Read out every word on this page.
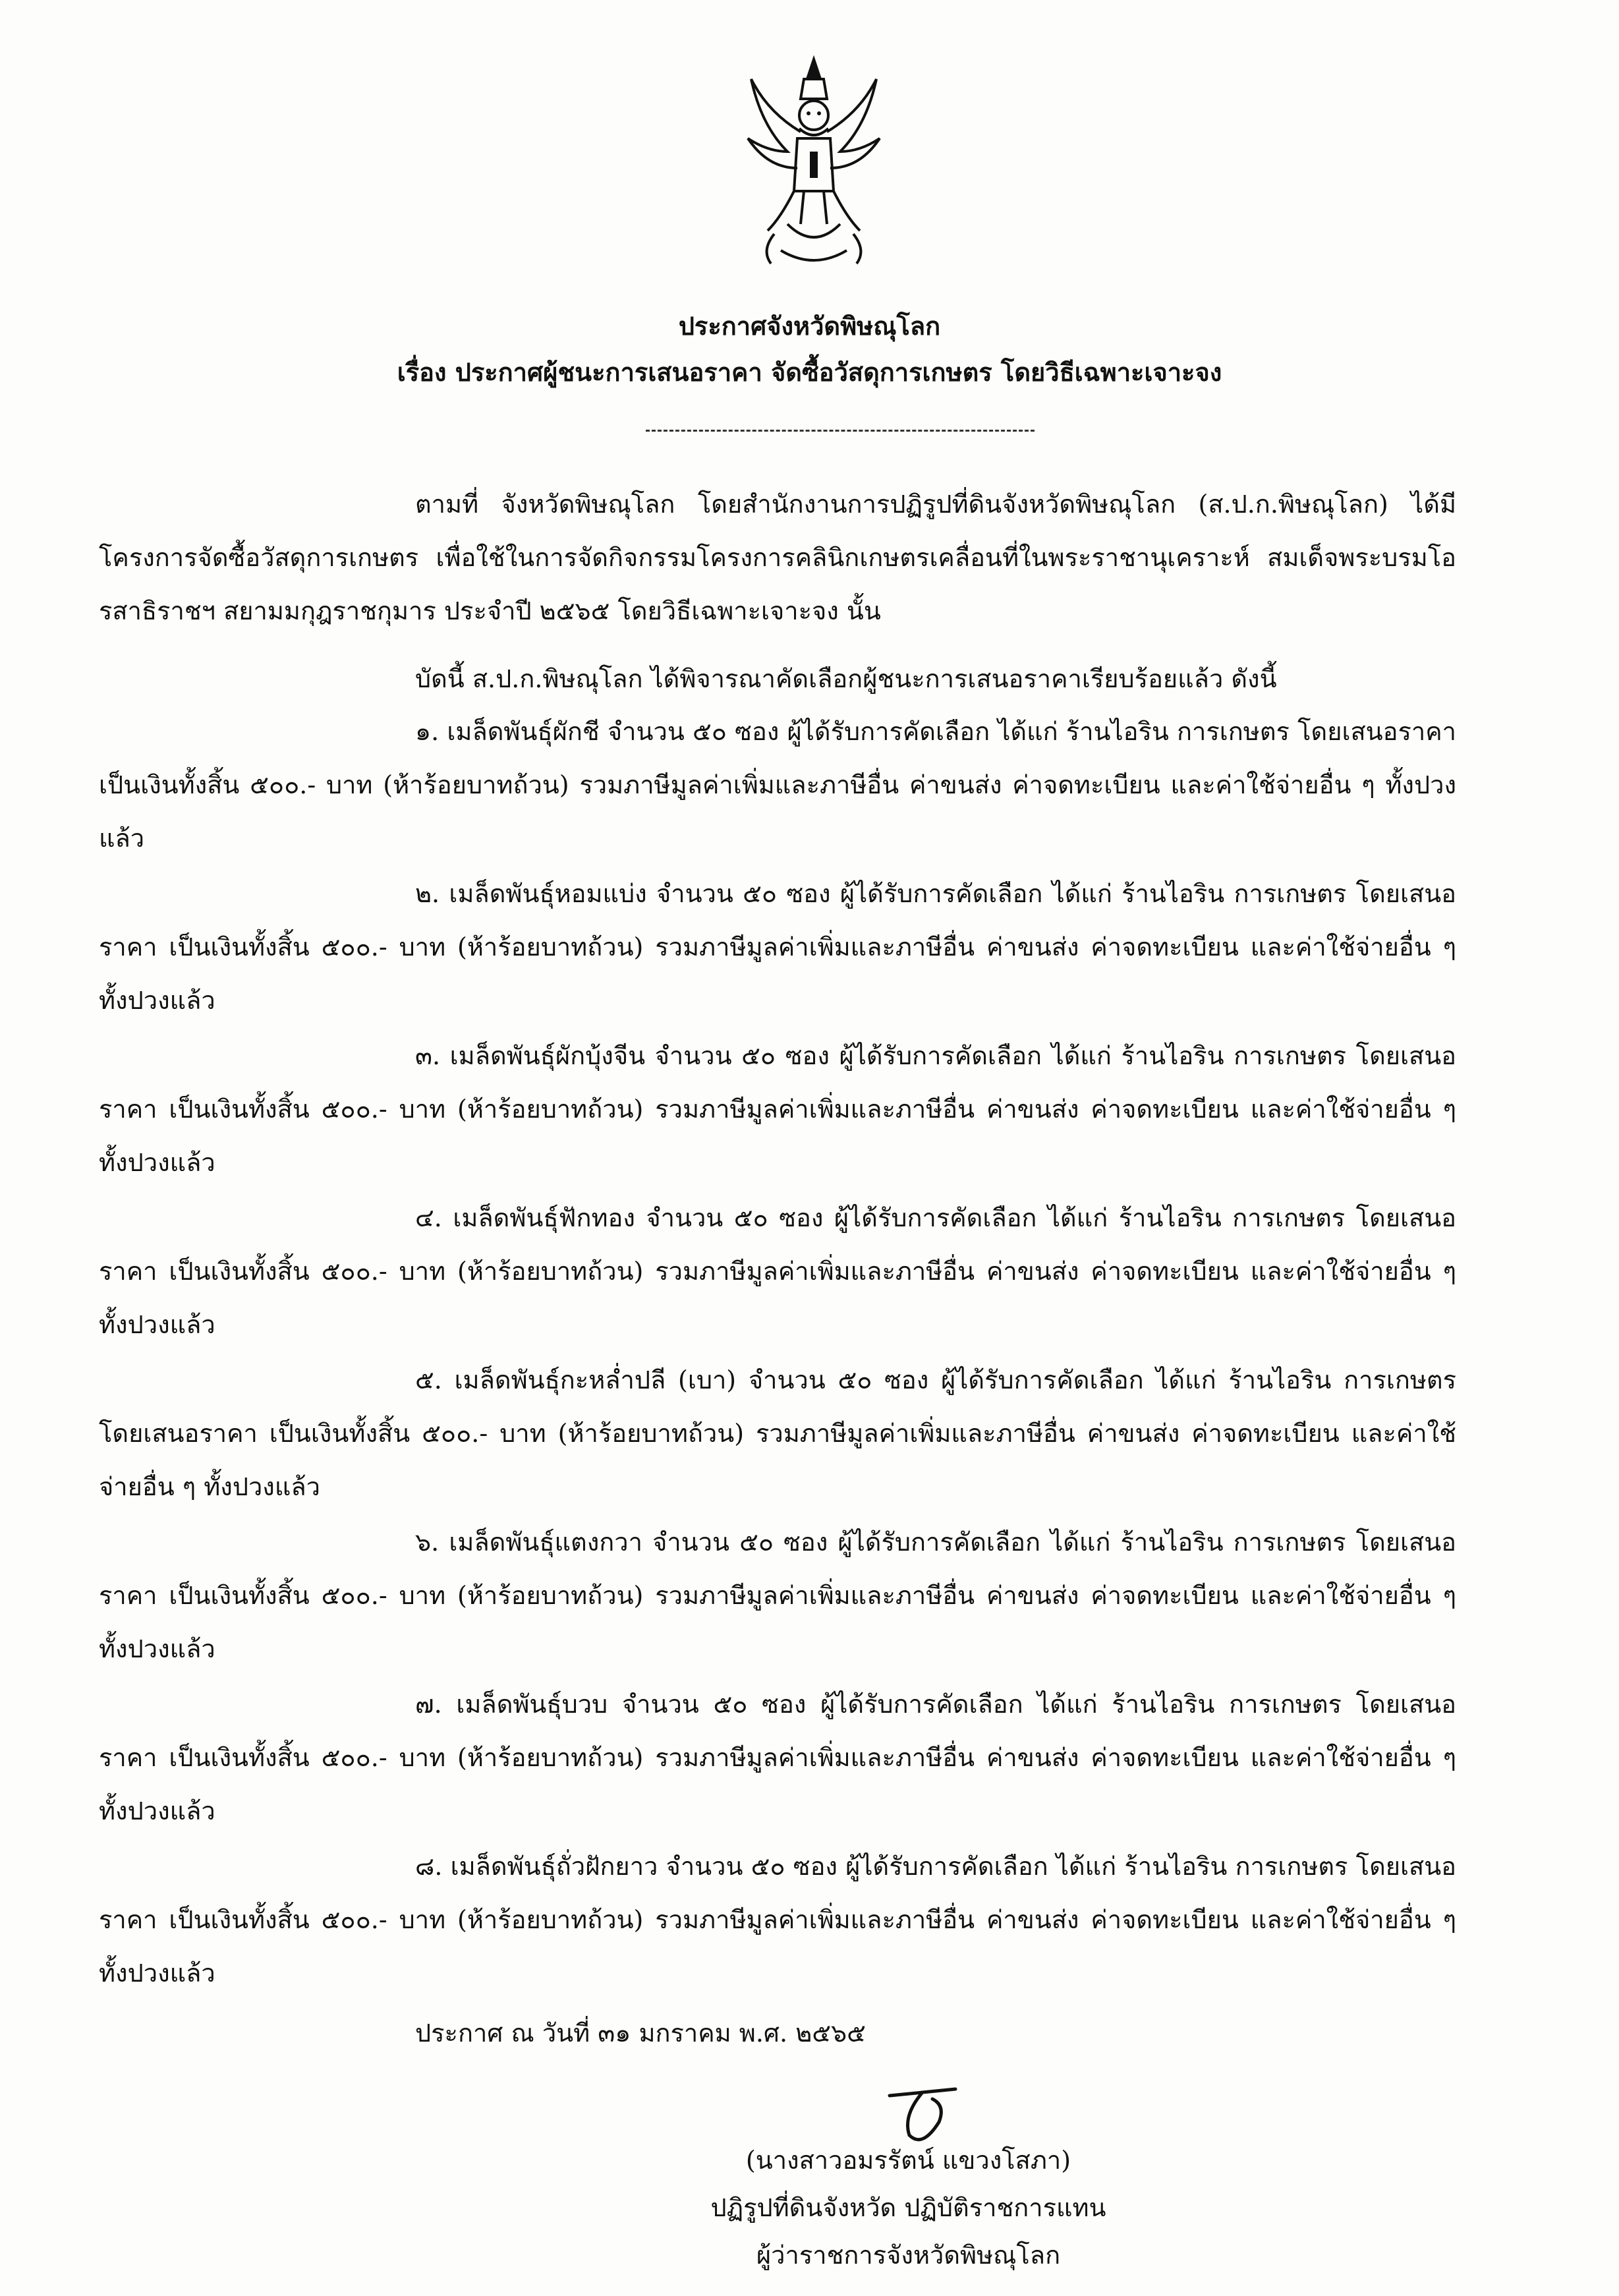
ประกาศจังหวัดพิษณุโลก
เรื่อง ประกาศผู้ชนะการเสนอราคา จัดซื้อวัสดุการเกษตร โดยวิธีเฉพาะเจาะจง
ตามที่ จังหวัดพิษณุโลก โดยสำนักงานการปฏิรูปที่ดินจังหวัดพิษณุโลก (ส.ป.ก.พิษณุโลก) ได้มีโครงการจัดซื้อวัสดุการเกษตร เพื่อใช้ในการจัดกิจกรรมโครงการคลินิกเกษตรเคลื่อนที่ในพระราชานุเคราะห์ สมเด็จพระบรมโอรสาธิราชฯ สยามมกุฎราชกุมาร ประจำปี ๒๕๖๕ โดยวิธีเฉพาะเจาะจง นั้น
บัดนี้ ส.ป.ก.พิษณุโลก ได้พิจารณาคัดเลือกผู้ชนะการเสนอราคาเรียบร้อยแล้ว ดังนี้
๑. เมล็ดพันธุ์ผักชี จำนวน ๕๐ ซอง ผู้ได้รับการคัดเลือก ได้แก่ ร้านไอริน การเกษตร โดยเสนอราคา เป็นเงินทั้งสิ้น ๕๐๐.- บาท (ห้าร้อยบาทถ้วน) รวมภาษีมูลค่าเพิ่มและภาษีอื่น ค่าขนส่ง ค่าจดทะเบียน และค่าใช้จ่ายอื่น ๆ ทั้งปวงแล้ว
๒. เมล็ดพันธุ์หอมแบ่ง จำนวน ๕๐ ซอง ผู้ได้รับการคัดเลือก ได้แก่ ร้านไอริน การเกษตร โดยเสนอราคา เป็นเงินทั้งสิ้น ๕๐๐.- บาท (ห้าร้อยบาทถ้วน) รวมภาษีมูลค่าเพิ่มและภาษีอื่น ค่าขนส่ง ค่าจดทะเบียน และค่าใช้จ่ายอื่น ๆ ทั้งปวงแล้ว
๓. เมล็ดพันธุ์ผักบุ้งจีน จำนวน ๕๐ ซอง ผู้ได้รับการคัดเลือก ได้แก่ ร้านไอริน การเกษตร โดยเสนอราคา เป็นเงินทั้งสิ้น ๕๐๐.- บาท (ห้าร้อยบาทถ้วน) รวมภาษีมูลค่าเพิ่มและภาษีอื่น ค่าขนส่ง ค่าจดทะเบียน และค่าใช้จ่ายอื่น ๆ ทั้งปวงแล้ว
๔. เมล็ดพันธุ์ฟักทอง จำนวน ๕๐ ซอง ผู้ได้รับการคัดเลือก ได้แก่ ร้านไอริน การเกษตร โดยเสนอราคา เป็นเงินทั้งสิ้น ๕๐๐.- บาท (ห้าร้อยบาทถ้วน) รวมภาษีมูลค่าเพิ่มและภาษีอื่น ค่าขนส่ง ค่าจดทะเบียน และค่าใช้จ่ายอื่น ๆ ทั้งปวงแล้ว
๕. เมล็ดพันธุ์กะหล่ำปลี (เบา) จำนวน ๕๐ ซอง ผู้ได้รับการคัดเลือก ได้แก่ ร้านไอริน การเกษตร โดยเสนอราคา เป็นเงินทั้งสิ้น ๕๐๐.- บาท (ห้าร้อยบาทถ้วน) รวมภาษีมูลค่าเพิ่มและภาษีอื่น ค่าขนส่ง ค่าจดทะเบียน และค่าใช้จ่ายอื่น ๆ ทั้งปวงแล้ว
๖. เมล็ดพันธุ์แตงกวา จำนวน ๕๐ ซอง ผู้ได้รับการคัดเลือก ได้แก่ ร้านไอริน การเกษตร โดยเสนอราคา เป็นเงินทั้งสิ้น ๕๐๐.- บาท (ห้าร้อยบาทถ้วน) รวมภาษีมูลค่าเพิ่มและภาษีอื่น ค่าขนส่ง ค่าจดทะเบียน และค่าใช้จ่ายอื่น ๆ ทั้งปวงแล้ว
๗. เมล็ดพันธุ์บวบ จำนวน ๕๐ ซอง ผู้ได้รับการคัดเลือก ได้แก่ ร้านไอริน การเกษตร โดยเสนอราคา เป็นเงินทั้งสิ้น ๕๐๐.- บาท (ห้าร้อยบาทถ้วน) รวมภาษีมูลค่าเพิ่มและภาษีอื่น ค่าขนส่ง ค่าจดทะเบียน และค่าใช้จ่ายอื่น ๆ ทั้งปวงแล้ว
๘. เมล็ดพันธุ์ถั่วฝักยาว จำนวน ๕๐ ซอง ผู้ได้รับการคัดเลือก ได้แก่ ร้านไอริน การเกษตร โดยเสนอราคา เป็นเงินทั้งสิ้น ๕๐๐.- บาท (ห้าร้อยบาทถ้วน) รวมภาษีมูลค่าเพิ่มและภาษีอื่น ค่าขนส่ง ค่าจดทะเบียน และค่าใช้จ่ายอื่น ๆ ทั้งปวงแล้ว
ประกาศ ณ วันที่ ๓๑ มกราคม พ.ศ. ๒๕๖๕
(นางสาวอมรรัตน์ แขวงโสภา)
ปฏิรูปที่ดินจังหวัด ปฏิบัติราชการแทน
ผู้ว่าราชการจังหวัดพิษณุโลก
